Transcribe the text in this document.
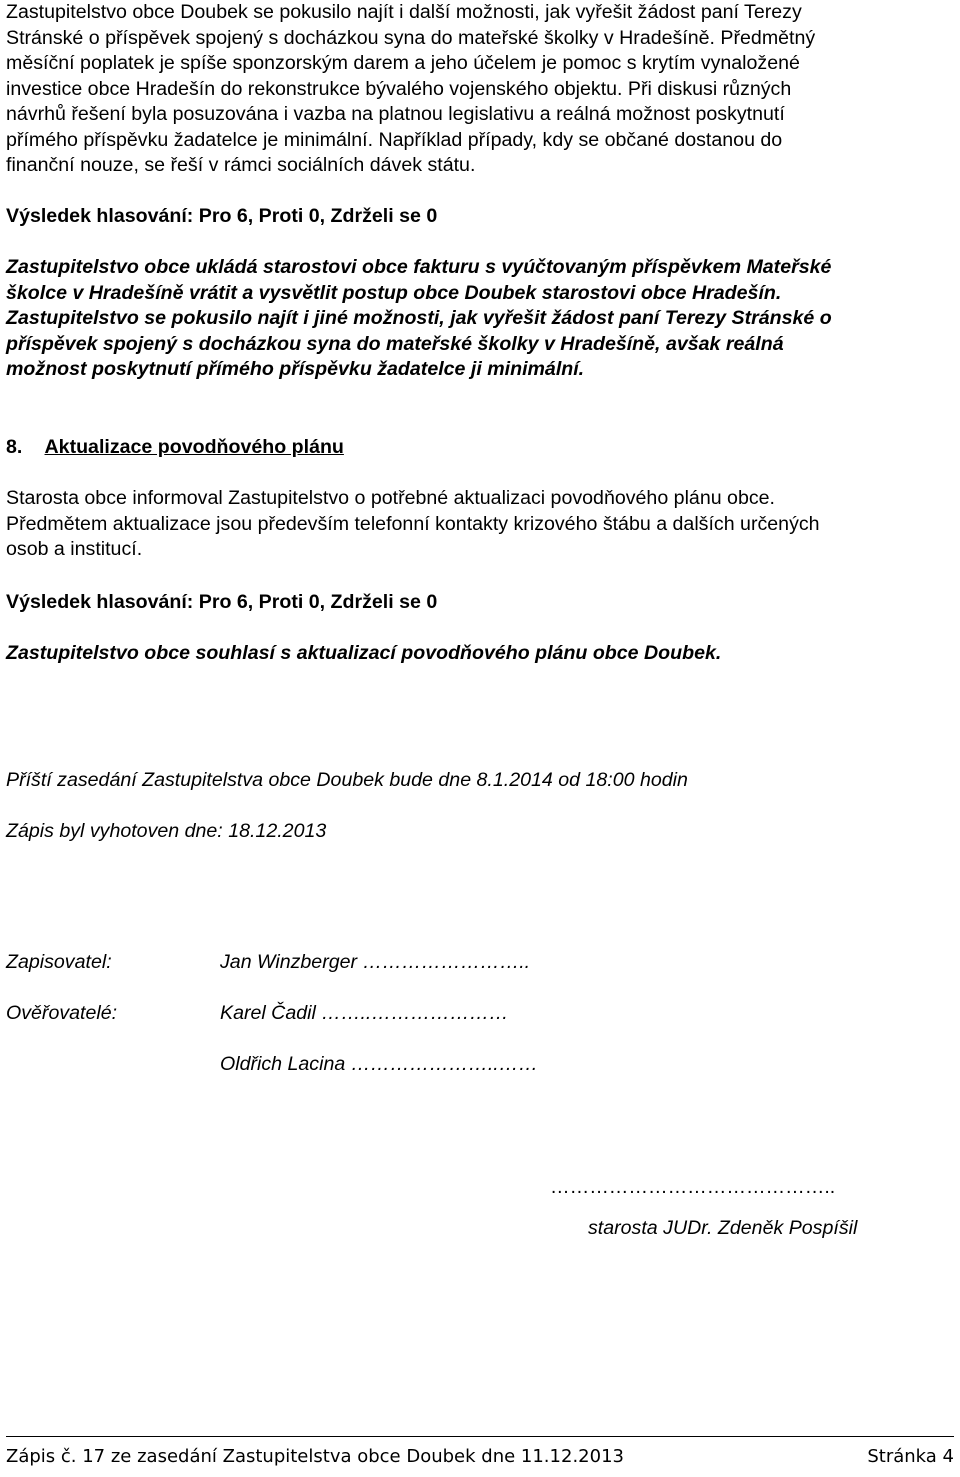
Zastupitelstvo obce Doubek se pokusilo najít i další možnosti, jak vyřešit žádost paní Terezy
Stránské o příspěvek spojený s docházkou syna do mateřské školky v Hradešíně. Předmětný
měsíční poplatek je spíše sponzorským darem a jeho účelem je pomoc s krytím vynaložené
investice obce Hradešín do rekonstrukce bývalého vojenského objektu. Při diskusi různých
návrhů řešení byla posuzována i vazba na platnou legislativu a reálná možnost poskytnutí
přímého příspěvku žadatelce je minimální. Například případy, kdy se občané dostanou do
finanční nouze, se řeší v rámci sociálních dávek státu.
Výsledek hlasování: Pro 6, Proti 0, Zdrželi se 0
Zastupitelstvo obce ukládá starostovi obce fakturu s vyúčtovaným příspěvkem Mateřské
školce v Hradešíně vrátit a vysvětlit postup obce Doubek starostovi obce Hradešín.
Zastupitelstvo se pokusilo najít i jiné možnosti, jak vyřešit žádost paní Terezy Stránské o
příspěvek spojený s docházkou syna do mateřské školky v Hradešíně, avšak reálná
možnost poskytnutí přímého příspěvku žadatelce ji minimální.
8. Aktualizace povodňového plánu
Starosta obce informoval Zastupitelstvo o potřebné aktualizaci povodňového plánu obce.
Předmětem aktualizace jsou především telefonní kontakty krizového štábu a dalších určených
osob a institucí.
Výsledek hlasování: Pro 6, Proti 0, Zdrželi se 0
Zastupitelstvo obce souhlasí s aktualizací povodňového plánu obce Doubek.
Příští zasedání Zastupitelstva obce Doubek bude dne 8.1.2014 od 18:00 hodin
Zápis byl vyhotoven dne: 18.12.2013
Zapisovatel:	Jan Winzberger ……………………..
Ověřovatelé:	Karel Čadil ……..…………………
Oldřich Lacina …………………..……
……………………………………..
starosta JUDr. Zdeněk Pospíšil
Zápis č. 17 ze zasedání Zastupitelstva obce Doubek dne 11.12.2013	Stránka 4
